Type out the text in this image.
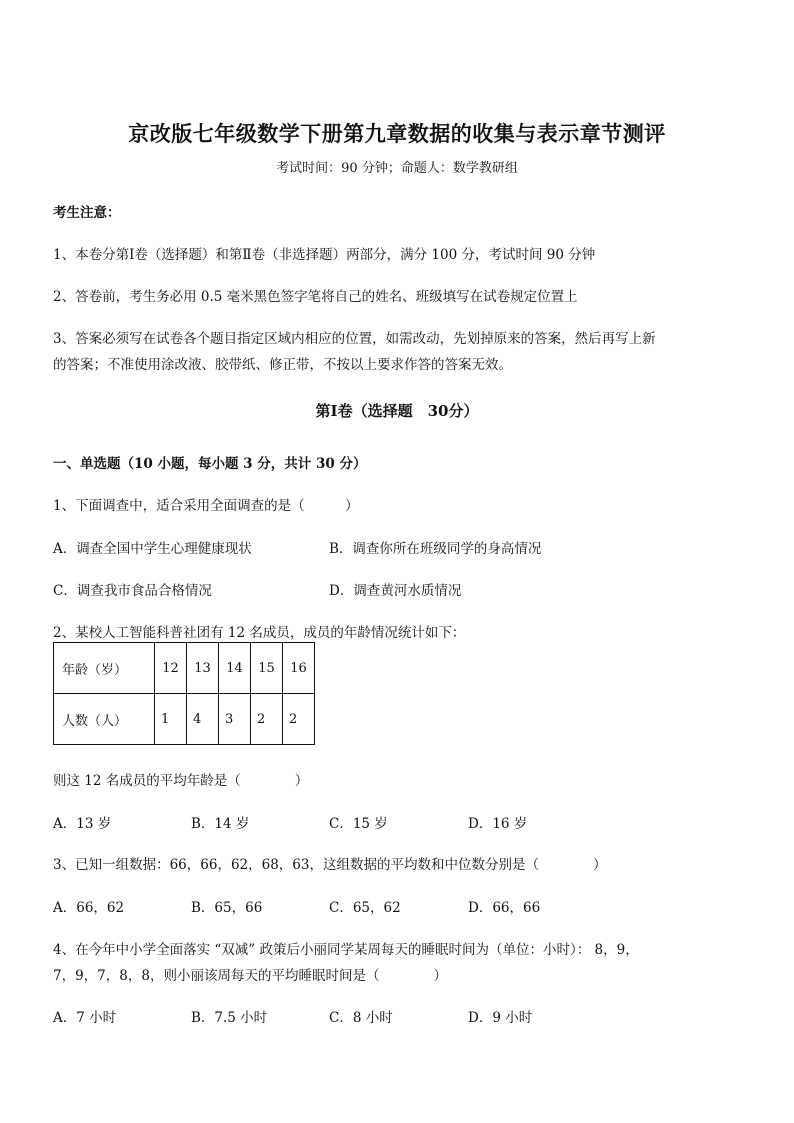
京改版七年级数学下册第九章数据的收集与表示章节测评
考试时间：90 分钟；命题人：数学教研组
考生注意：
1、本卷分第Ⅰ卷（选择题）和第Ⅱ卷（非选择题）两部分，满分 100 分，考试时间 90 分钟
2、答卷前，考生务必用 0.5 毫米黑色签字笔将自己的姓名、班级填写在试卷规定位置上
3、答案必须写在试卷各个题目指定区域内相应的位置，如需改动，先划掉原来的答案，然后再写上新
的答案；不准使用涂改液、胶带纸、修正带，不按以上要求作答的答案无效。
第Ⅰ卷（选择题　30分）
一、单选题（10 小题，每小题 3 分，共计 30 分）
1、下面调查中，适合采用全面调查的是（　　　）
A．调查全国中学生心理健康现状	B．调查你所在班级同学的身高情况
C．调查我市食品合格情况	D．调查黄河水质情况
2、某校人工智能科普社团有 12 名成员，成员的年龄情况统计如下：
年龄（岁）	12	13	14	15	16
人数（人）	1	4	3	2	2
则这 12 名成员的平均年龄是（　　　　）
A．13 岁	B．14 岁	C．15 岁	D．16 岁
3、已知一组数据：66，66，62，68，63，这组数据的平均数和中位数分别是（　　　　）
A．66，62	B．65，66	C．65，62	D．66，66
4、在今年中小学全面落实 “双减” 政策后小丽同学某周每天的睡眠时间为（单位：小时）： 8，9，
7，9，7，8，8，则小丽该周每天的平均睡眠时间是（　　　　）
A．7 小时	B．7.5 小时	C．8 小时	D．9 小时
